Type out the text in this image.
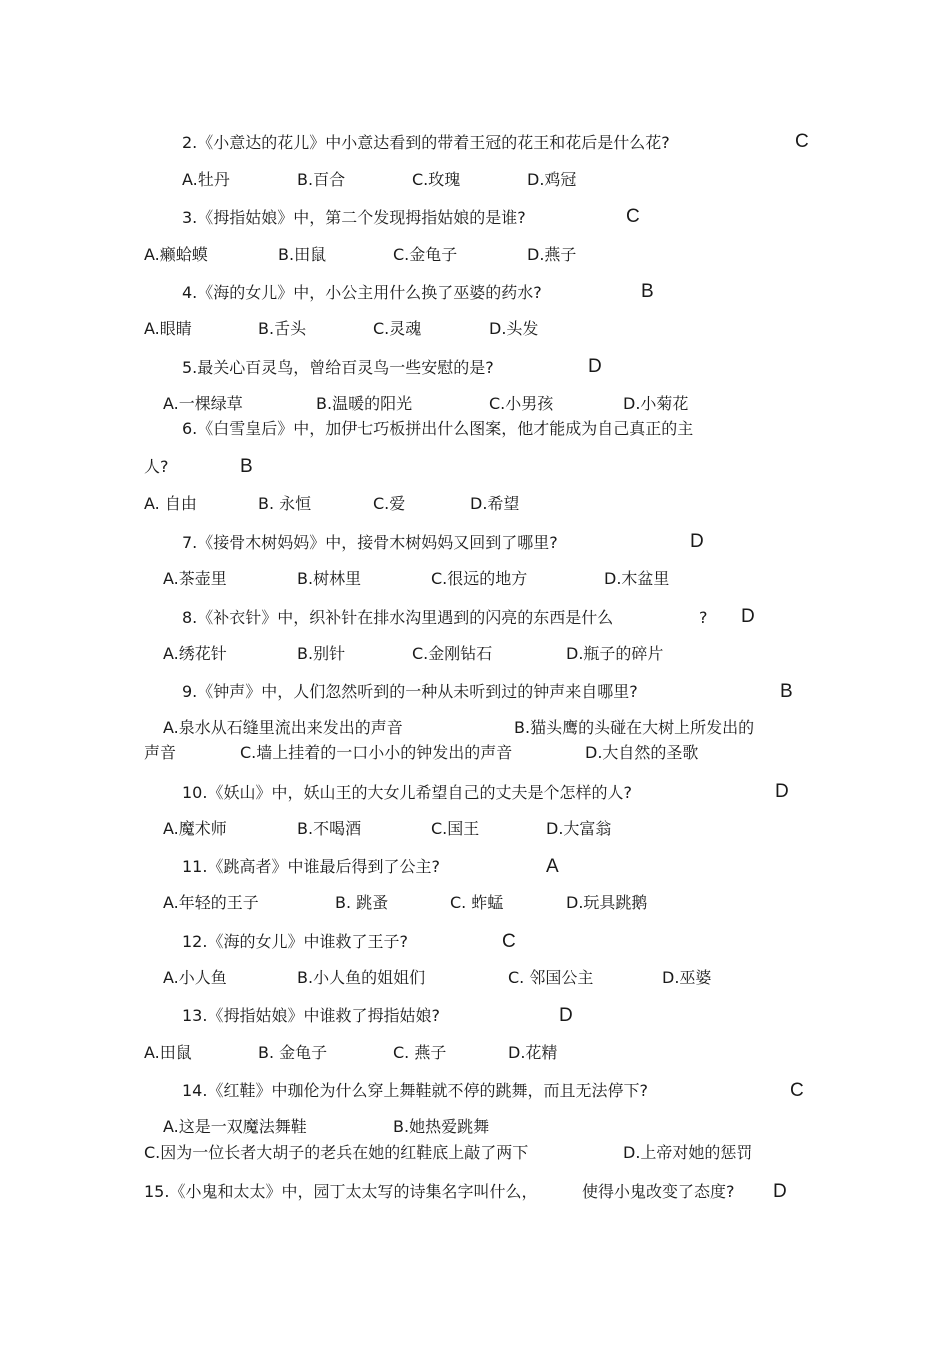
2.《小意达的花儿》中小意达看到的带着王冠的花王和花后是什么花?	C
A.牡丹	B.百合	C.玫瑰	D.鸡冠
3.《拇指姑娘》中，第二个发现拇指姑娘的是谁?	C
A.癞蛤蟆	B.田鼠	C.金龟子	D.燕子
4.《海的女儿》中，小公主用什么换了巫婆的药水?	B
A.眼睛	B.舌头	C.灵魂	D.头发
5.最关心百灵鸟，曾给百灵鸟一些安慰的是?	D
A.一棵绿草	B.温暖的阳光	C.小男孩	D.小菊花
6.《白雪皇后》中，加伊七巧板拼出什么图案，他才能成为自己真正的主
人?	B
A. 自由	B. 永恒	C.爱	D.希望
7.《接骨木树妈妈》中，接骨木树妈妈又回到了哪里?	D
A.茶壶里	B.树林里	C.很远的地方	D.木盆里
8.《补衣针》中，织补针在排水沟里遇到的闪亮的东西是什么	? D
A.绣花针	B.别针	C.金刚钻石	D.瓶子的碎片
9.《钟声》中，人们忽然听到的一种从未听到过的钟声来自哪里?	B
A.泉水从石缝里流出来发出的声音	B.猫头鹰的头碰在大树上所发出的
声音	C.墙上挂着的一口小小的钟发出的声音	D.大自然的圣歌
10.《妖山》中，妖山王的大女儿希望自己的丈夫是个怎样的人?	D
A.魔术师	B.不喝酒	C.国王	D.大富翁
11.《跳高者》中谁最后得到了公主?	A
A.年轻的王子	B. 跳蚤	C. 蚱蜢	D.玩具跳鹅
12.《海的女儿》中谁救了王子?	C
A.小人鱼	B.小人鱼的姐姐们	C. 邻国公主	D.巫婆
13.《拇指姑娘》中谁救了拇指姑娘?	D
A.田鼠	B. 金龟子	C. 燕子	D.花精
14.《红鞋》中珈伦为什么穿上舞鞋就不停的跳舞，而且无法停下?	C
A.这是一双魔法舞鞋	B.她热爱跳舞
C.因为一位长者大胡子的老兵在她的红鞋底上敲了两下	D.上帝对她的惩罚
15.《小鬼和太太》中，园丁太太写的诗集名字叫什么，	使得小鬼改变了态度? D
